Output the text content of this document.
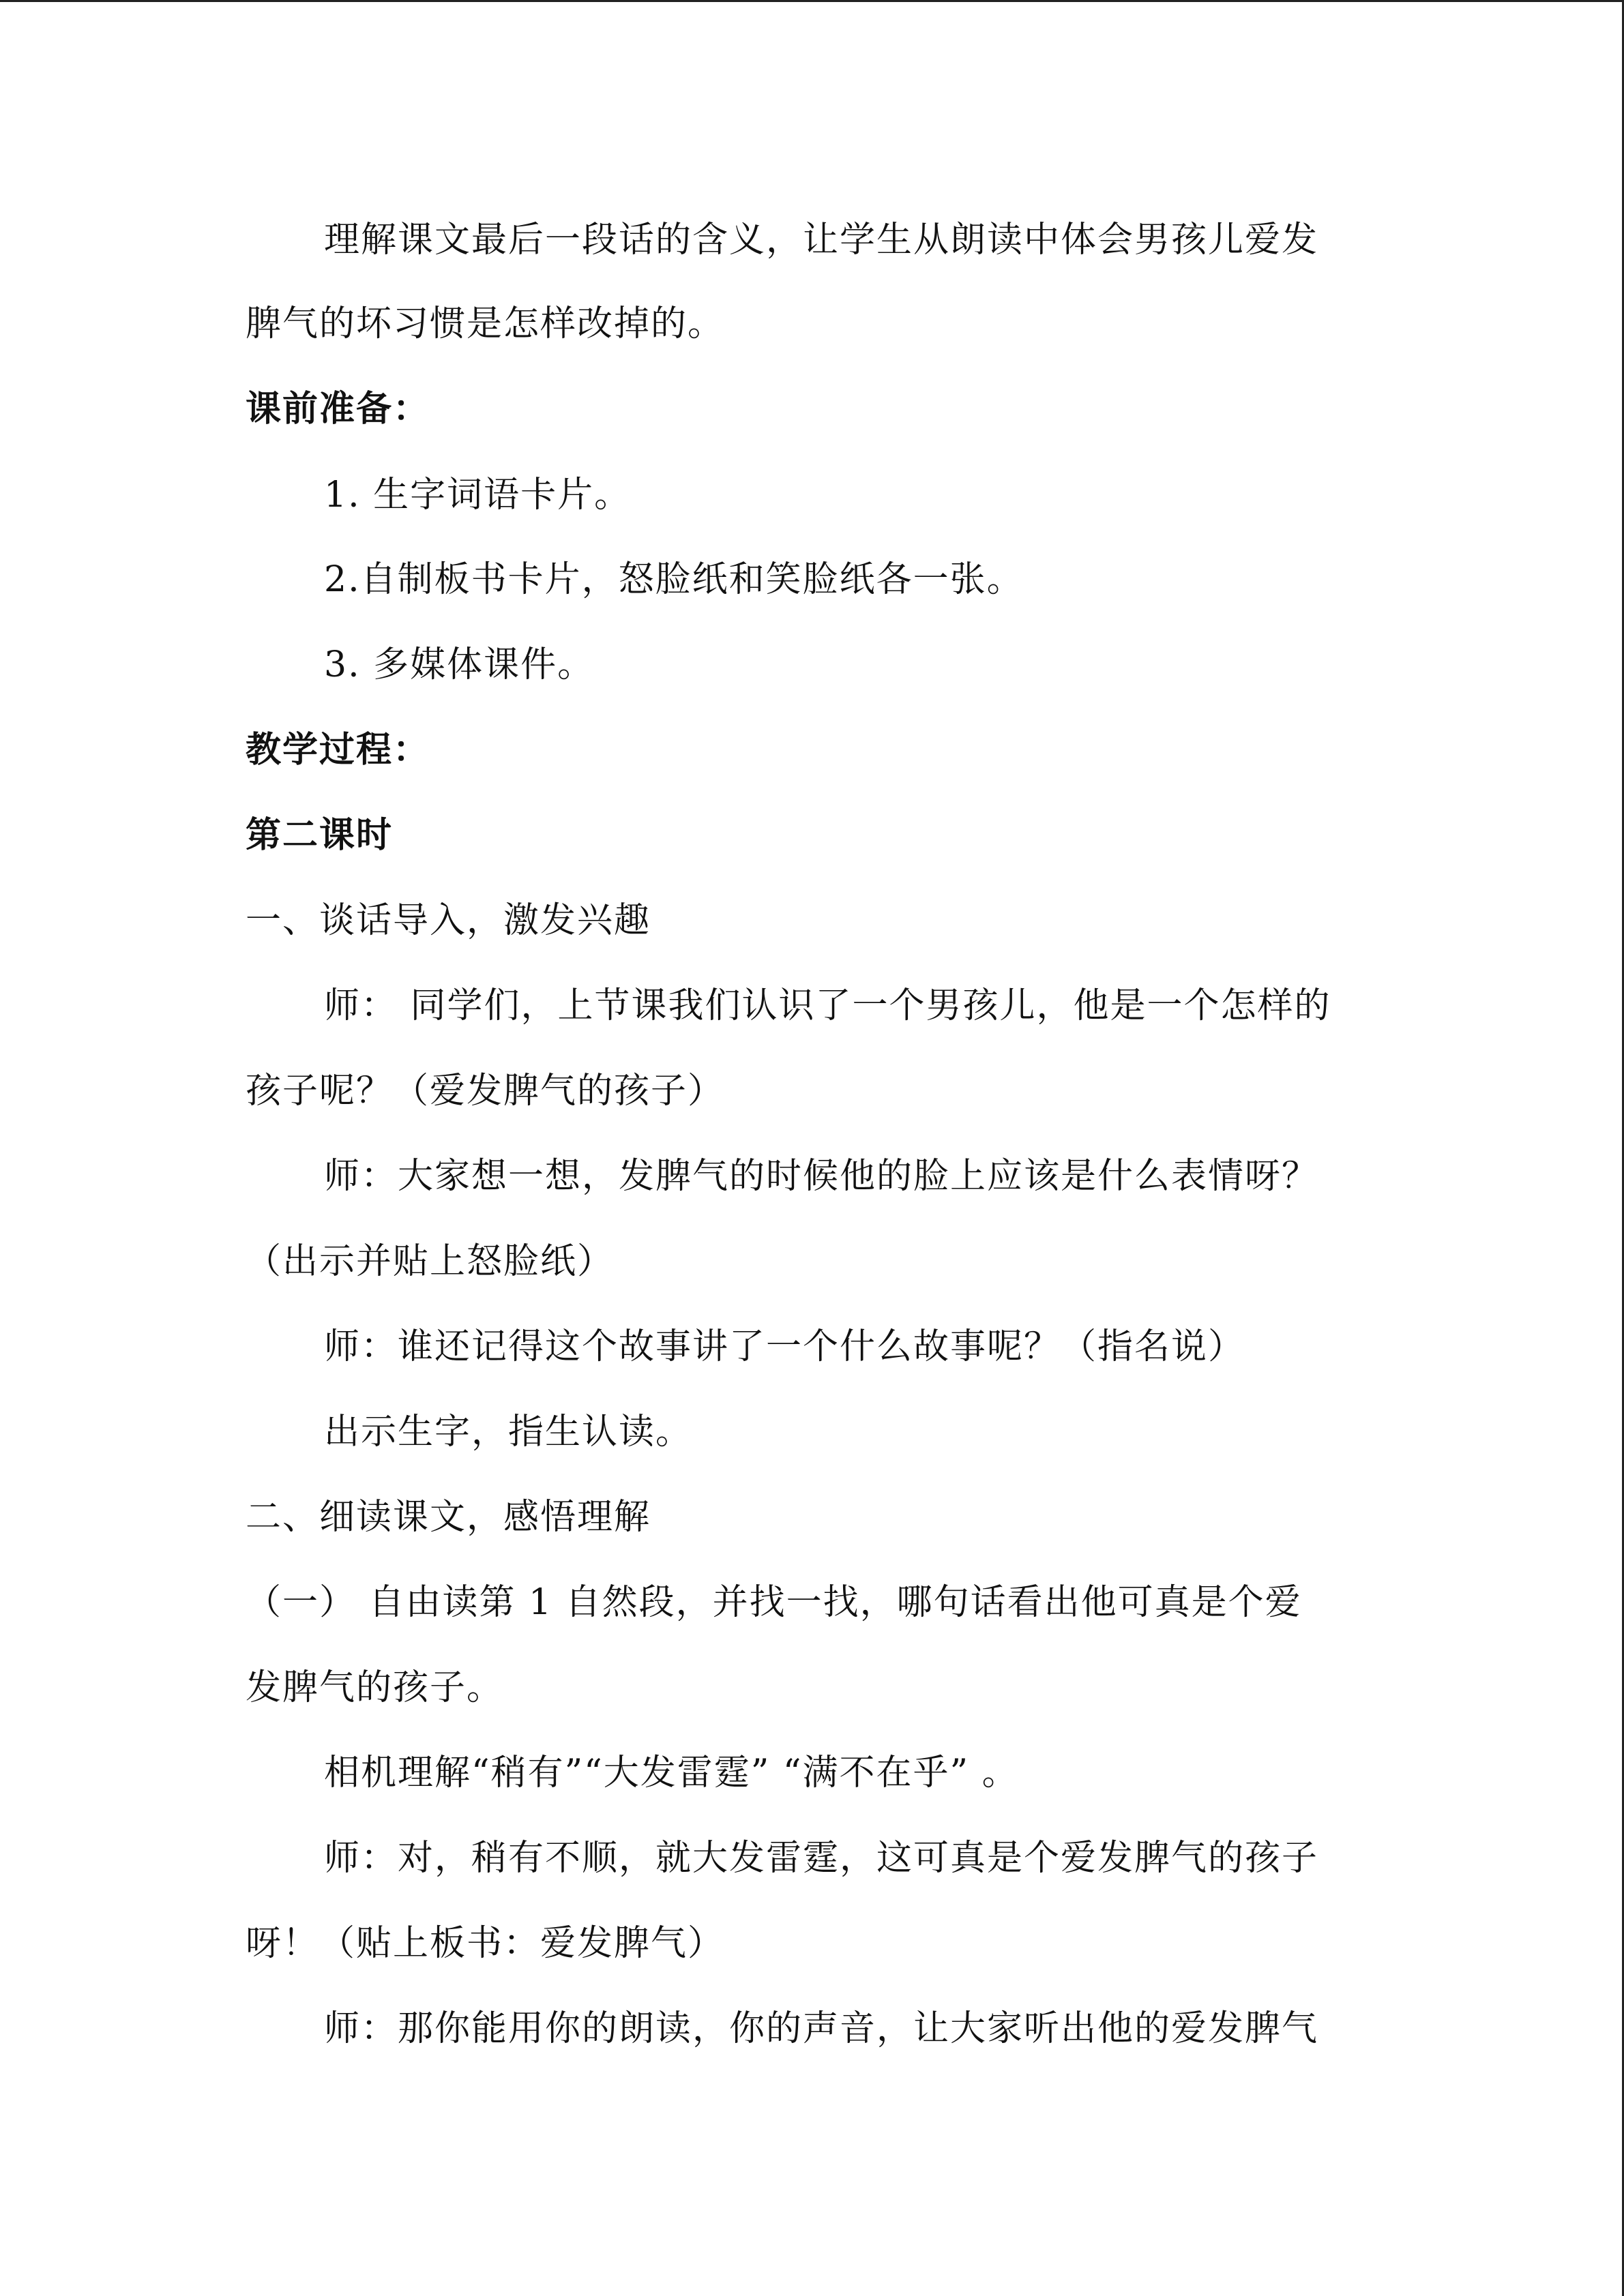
理解课文最后一段话的含义，让学生从朗读中体会男孩儿爱发
脾气的坏习惯是怎样改掉的。
课前准备：
1. 生字词语卡片。
2.自制板书卡片，怒脸纸和笑脸纸各一张。
3. 多媒体课件。
教学过程：
第二课时
一、谈话导入，激发兴趣
师： 同学们，上节课我们认识了一个男孩儿，他是一个怎样的
孩子呢？（爱发脾气的孩子）
师：大家想一想，发脾气的时候他的脸上应该是什么表情呀？
（出示并贴上怒脸纸）
师：谁还记得这个故事讲了一个什么故事呢？（指名说）
出示生字，指生认读。
二、细读课文，感悟理解
（一） 自由读第 1 自然段，并找一找，哪句话看出他可真是个爱
发脾气的孩子。
相机理解“稍有”“大发雷霆” “满不在乎” 。
师：对，稍有不顺，就大发雷霆，这可真是个爱发脾气的孩子
呀！（贴上板书：爱发脾气）
师：那你能用你的朗读，你的声音，让大家听出他的爱发脾气
